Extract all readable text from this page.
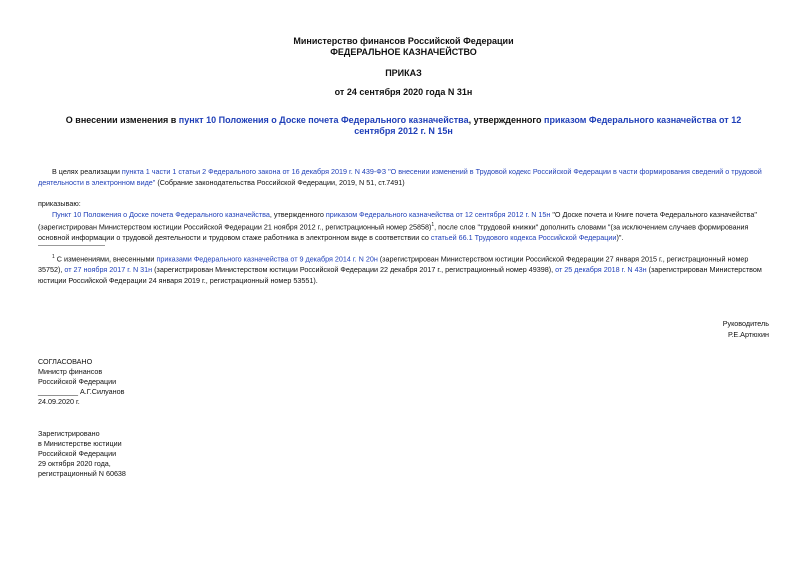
Министерство финансов Российской Федерации
ФЕДЕРАЛЬНОЕ КАЗНАЧЕЙСТВО
ПРИКАЗ
от 24 сентября 2020 года N 31н
О внесении изменения в пункт 10 Положения о Доске почета Федерального казначейства, утвержденного приказом Федерального казначейства от 12 сентября 2012 г. N 15н
В целях реализации пункта 1 части 1 статьи 2 Федерального закона от 16 декабря 2019 г. N 439-ФЗ "О внесении изменений в Трудовой кодекс Российской Федерации в части формирования сведений о трудовой деятельности в электронном виде" (Собрание законодательства Российской Федерации, 2019, N 51, ст.7491)
приказываю:
Пункт 10 Положения о Доске почета Федерального казначейства, утвержденного приказом Федерального казначейства от 12 сентября 2012 г. N 15н "О Доске почета и Книге почета Федерального казначейства" (зарегистрирован Министерством юстиции Российской Федерации 21 ноября 2012 г., регистрационный номер 25858)$^1$, после слов "трудовой книжки" дополнить словами "(за исключением случаев формирования основной информации о трудовой деятельности и трудовом стаже работника в электронном виде в соответствии со статьей 66.1 Трудового кодекса Российской Федерации)".
$^1$ С изменениями, внесенными приказами Федерального казначейства от 9 декабря 2014 г. N 20н (зарегистрирован Министерством юстиции Российской Федерации 27 января 2015 г., регистрационный номер 35752), от 27 ноября 2017 г. N 31н (зарегистрирован Министерством юстиции Российской Федерации 22 декабря 2017 г., регистрационный номер 49398), от 25 декабря 2018 г. N 43н (зарегистрирован Министерством юстиции Российской Федерации 24 января 2019 г., регистрационный номер 53551).
Руководитель
Р.Е.Артюхин
СОГЛАСОВАНО
Министр финансов
Российской Федерации
__________ А.Г.Силуанов
24.09.2020 г.
Зарегистрировано
в Министерстве юстиции
Российской Федерации
29 октября 2020 года,
регистрационный N 60638
